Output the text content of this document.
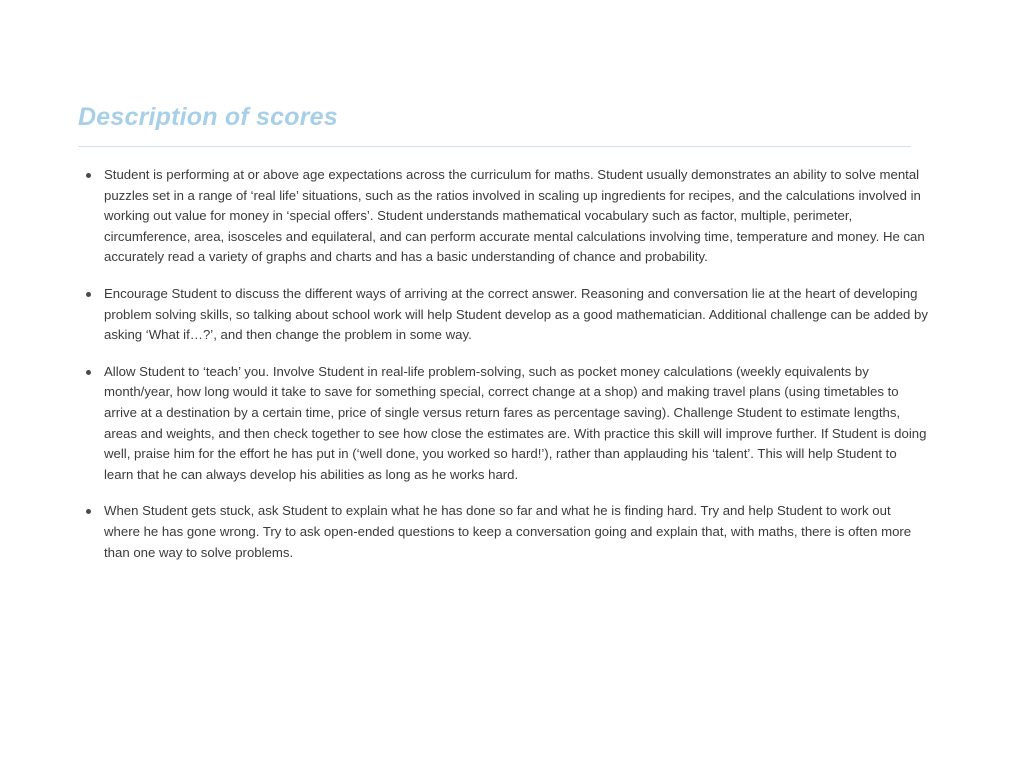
Description of scores
Student is performing at or above age expectations across the curriculum for maths. Student usually demonstrates an ability to solve mental puzzles set in a range of ‘real life’ situations, such as the ratios involved in scaling up ingredients for recipes, and the calculations involved in working out value for money in ‘special offers’. Student understands mathematical vocabulary such as factor, multiple, perimeter, circumference, area, isosceles and equilateral, and can perform accurate mental calculations involving time, temperature and money. He can accurately read a variety of graphs and charts and has a basic understanding of chance and probability.
Encourage Student to discuss the different ways of arriving at the correct answer. Reasoning and conversation lie at the heart of developing problem solving skills, so talking about school work will help Student develop as a good mathematician. Additional challenge can be added by asking ‘What if…?’, and then change the problem in some way.
Allow Student to ‘teach’ you. Involve Student in real-life problem-solving, such as pocket money calculations (weekly equivalents by month/year, how long would it take to save for something special, correct change at a shop) and making travel plans (using timetables to arrive at a destination by a certain time, price of single versus return fares as percentage saving). Challenge Student to estimate lengths, areas and weights, and then check together to see how close the estimates are. With practice this skill will improve further. If Student is doing well, praise him for the effort he has put in (‘well done, you worked so hard!’), rather than applauding his ‘talent’. This will help Student to learn that he can always develop his abilities as long as he works hard.
When Student gets stuck, ask Student to explain what he has done so far and what he is finding hard. Try and help Student to work out where he has gone wrong. Try to ask open-ended questions to keep a conversation going and explain that, with maths, there is often more than one way to solve problems.
